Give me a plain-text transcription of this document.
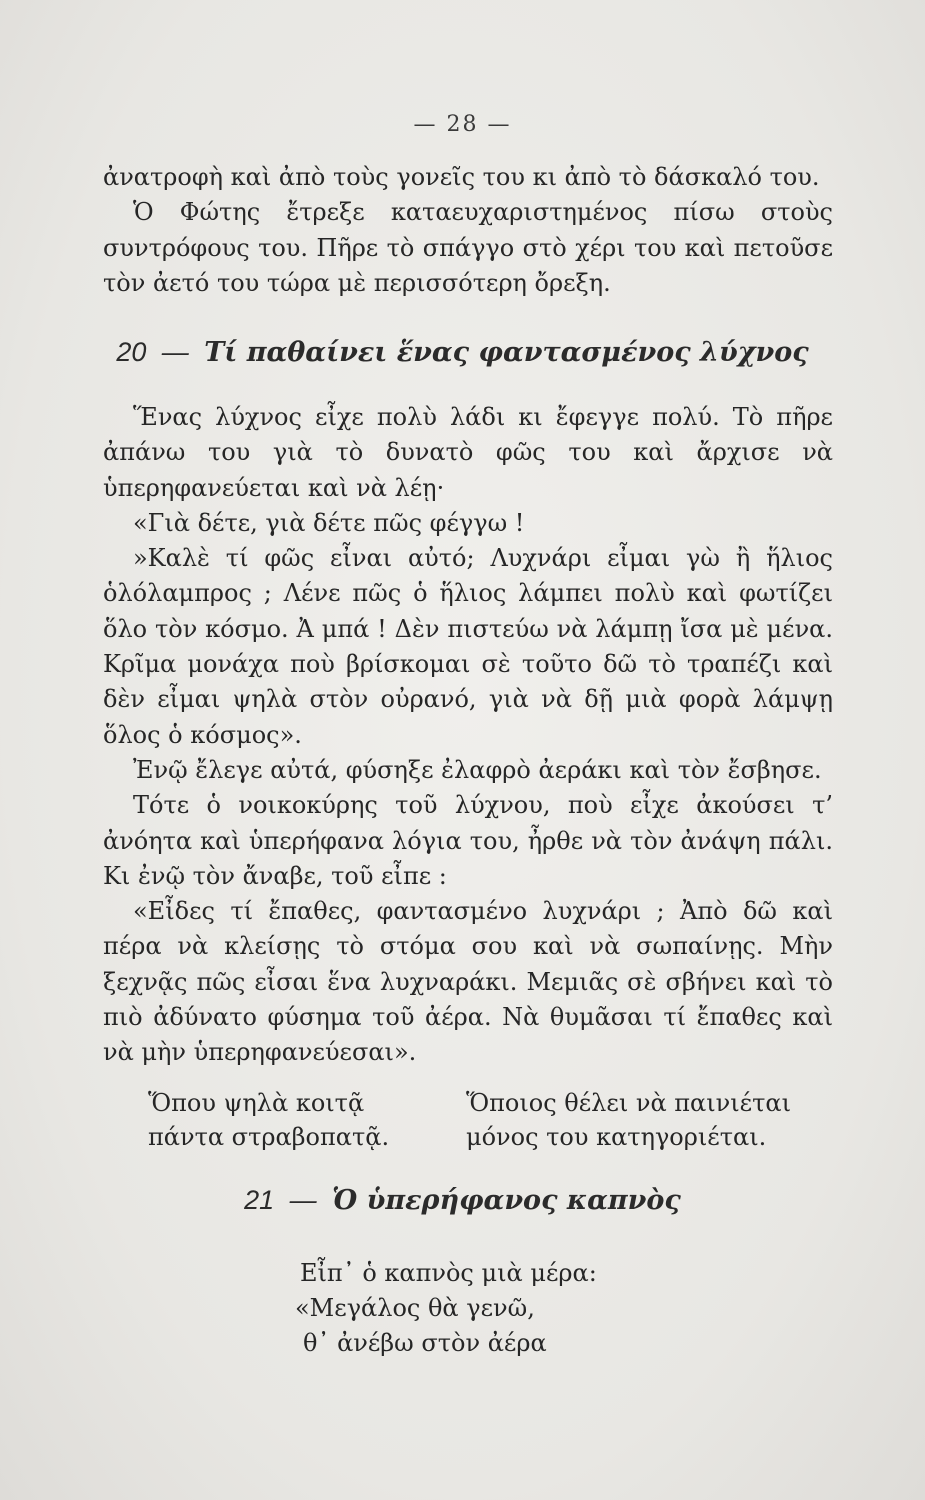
— 28 —

ἀνατροφὴ καὶ ἀπὸ τοὺς γονεῖς του κι ἀπὸ τὸ δάσκαλό του.

Ὁ Φώτης ἔτρεξε καταευχαριστημένος πίσω στοὺς συντρόφους του. Πῆρε τὸ σπάγγο στὸ χέρι του καὶ πετοῦσε τὸν ἀετό του τώρα μὲ περισσότερη ὄρεξη.

20 — Τί παθαίνει ἕνας φαντασμένος λύχνος

Ἕνας λύχνος εἶχε πολὺ λάδι κι ἔφεγγε πολύ. Τὸ πῆρε ἀπάνω του γιὰ τὸ δυνατὸ φῶς του καὶ ἄρχισε νὰ ὑπερηφανεύεται καὶ νὰ λέῃ·

«Γιὰ δέτε, γιὰ δέτε πῶς φέγγω !

»Καλὲ τί φῶς εἶναι αὐτό; Λυχνάρι εἶμαι γὼ ἢ ἥλιος ὁλόλαμπρος ; Λένε πῶς ὁ ἥλιος λάμπει πολὺ καὶ φωτίζει ὅλο τὸν κόσμο. Ἀ μπά ! Δὲν πιστεύω νὰ λάμπῃ ἴσα μὲ μένα. Κρῖμα μονάχα ποὺ βρίσκομαι σὲ τοῦτο δῶ τὸ τραπέζι καὶ δὲν εἶμαι ψηλὰ στὸν οὐρανό, γιὰ νὰ δῇ μιὰ φορὰ λάμψῃ ὅλος ὁ κόσμος».

Ἐνῷ ἔλεγε αὐτά, φύσηξε ἐλαφρὸ ἀεράκι καὶ τὸν ἔσβησε.

Τότε ὁ νοικοκύρης τοῦ λύχνου, ποὺ εἶχε ἀκούσει τ’ ἀνόητα καὶ ὑπερήφανα λόγια του, ἦρθε νὰ τὸν ἀνάψη πάλι. Κι ἐνῷ τὸν ἄναβε, τοῦ εἶπε :

«Εἶδες τί ἔπαθες, φαντασμένο λυχνάρι ; Ἀπὸ δῶ καὶ πέρα νὰ κλείσῃς τὸ στόμα σου καὶ νὰ σωπαίνῃς. Μὴν ξεχνᾷς πῶς εἶσαι ἕνα λυχναράκι. Μεμιᾶς σὲ σβήνει καὶ τὸ πιὸ ἀδύνατο φύσημα τοῦ ἀέρα. Νὰ θυμᾶσαι τί ἔπαθες καὶ νὰ μὴν ὑπερηφανεύεσαι».

Ὅπου ψηλὰ κοιτᾷ
πάντα στραβοπατᾷ.
Ὅποιος θέλει νὰ παινιέται
μόνος του κατηγοριέται.
21 — Ὁ ὑπερήφανος καπνὸς
Εἶπ᾿ ὁ καπνὸς μιὰ μέρα:
«Μεγάλος θὰ γενῶ,
θ᾿ ἀνέβω στὸν ἀέρα
